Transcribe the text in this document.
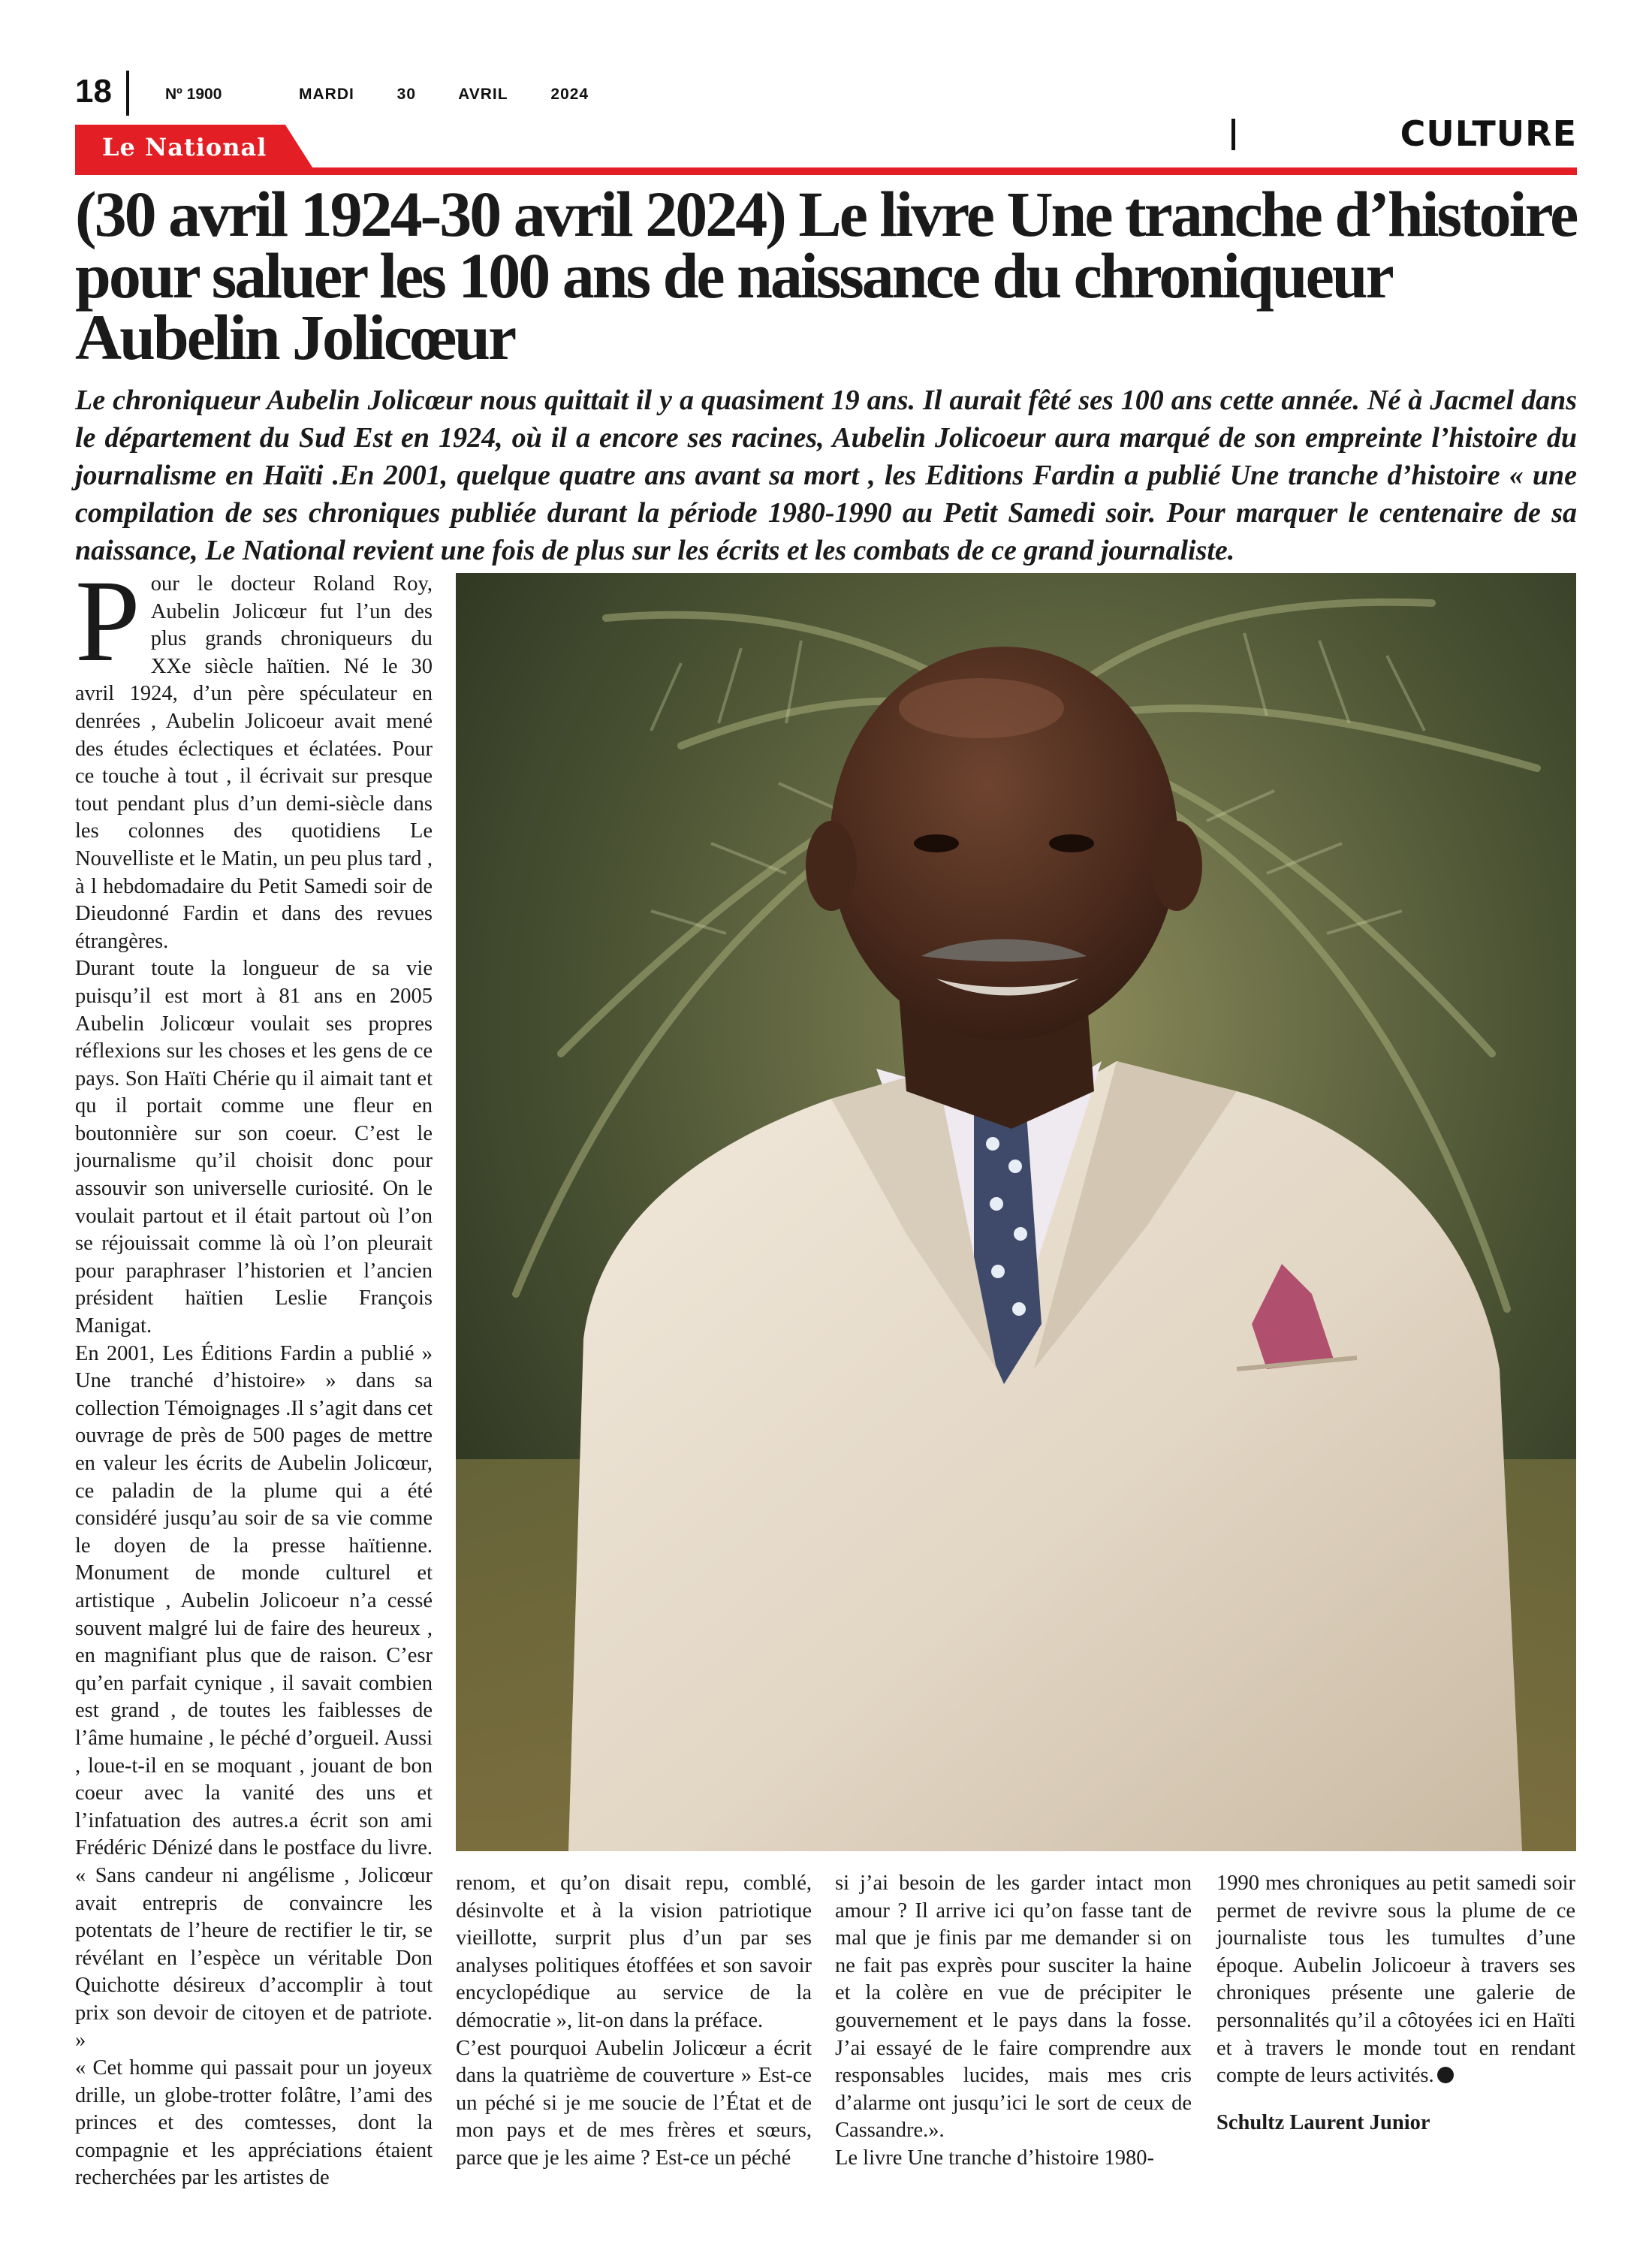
18	Nº 1900	MARDI	30	AVRIL	2024
Le National	CULTURE
(30 avril 1924-30 avril 2024) Le livre Une tranche d’histoire pour saluer les 100 ans de naissance du chroniqueur Aubelin Jolicœur

Le chroniqueur Aubelin Jolicœur nous quittait il y a quasiment 19 ans. Il aurait fêté ses 100 ans cette année. Né à Jacmel dans le département du Sud Est en 1924, où il a encore ses racines, Aubelin Jolicoeur aura marqué de son empreinte l’histoire du journalisme en Haïti .En 2001, quelque quatre ans avant sa mort , les Editions Fardin a publié Une tranche d’histoire « une compilation de ses chroniques publiée durant la période 1980-1990 au Petit Samedi soir. Pour marquer le centenaire de sa naissance, Le National revient une fois de plus sur les écrits et les combats de ce grand journaliste.

Pour le docteur Roland Roy, Aubelin Jolicœur fut l’un des plus grands chroniqueurs du XXe siècle haïtien. Né le 30 avril 1924, d’un père spéculateur en denrées , Aubelin Jolicoeur avait mené des études éclectiques et éclatées. Pour ce touche à tout , il écrivait sur presque tout pendant plus d’un demi-siècle dans les colonnes des quotidiens Le Nouvelliste et le Matin, un peu plus tard , à l hebdomadaire du Petit Samedi soir de Dieudonné Fardin et dans des revues étrangères.

Durant toute la longueur de sa vie puisqu’il est mort à 81 ans en 2005 Aubelin Jolicœur voulait ses propres réflexions sur les choses et les gens de ce pays. Son Haïti Chérie qu il aimait tant et qu il portait comme une fleur en boutonnière sur son coeur. C’est le journalisme qu’il choisit donc pour assouvir son universelle curiosité. On le voulait partout et il était partout où l’on se réjouissait comme là où l’on pleurait pour paraphraser l’historien et l’ancien président haïtien Leslie François Manigat.

En 2001, Les Éditions Fardin a publié » Une tranché d’histoire» » dans sa collection Témoignages .Il s’agit dans cet ouvrage de près de 500 pages de mettre en valeur les écrits de Aubelin Jolicœur, ce paladin de la plume qui a été considéré jusqu’au soir de sa vie comme le doyen de la presse haïtienne. Monument de monde culturel et artistique , Aubelin Jolicoeur n’a cessé souvent malgré lui de faire des heureux , en magnifiant plus que de raison. C’esr qu’en parfait cynique , il savait combien est grand , de toutes les faiblesses de l’âme humaine , le péché d’orgueil. Aussi , loue-t-il en se moquant , jouant de bon coeur avec la vanité des uns et l’infatuation des autres.a écrit son ami Frédéric Dénizé dans le postface du livre. « Sans candeur ni angélisme , Jolicœur avait entrepris de convaincre les potentats de l’heure de rectifier le tir, se révélant en l’espèce un véritable Don Quichotte désireux d’accomplir à tout prix son devoir de citoyen et de patriote. »

« Cet homme qui passait pour un joyeux drille, un globe-trotter folâtre, l’ami des princes et des comtesses, dont la compagnie et les appréciations étaient recherchées par les artistes de

renom, et qu’on disait repu, comblé, désinvolte et à la vision patriotique vieillotte, surprit plus d’un par ses analyses politiques étoffées et son savoir encyclopédique au service de la démocratie », lit-on dans la préface.

C’est pourquoi Aubelin Jolicœur a écrit dans la quatrième de couverture » Est-ce un péché si je me soucie de l’État et de mon pays et de mes frères et sœurs, parce que je les aime ? Est-ce un péché

si j’ai besoin de les garder intact mon amour ? Il arrive ici qu’on fasse tant de mal que je finis par me demander si on ne fait pas exprès pour susciter la haine et la colère en vue de précipiter le gouvernement et le pays dans la fosse. J’ai essayé de le faire comprendre aux responsables lucides, mais mes cris d’alarme ont jusqu’ici le sort de ceux de Cassandre.».

Le livre Une tranche d’histoire 1980-

1990 mes chroniques au petit samedi soir permet de revivre sous la plume de ce journaliste tous les tumultes d’une époque. Aubelin Jolicoeur à travers ses chroniques présente une galerie de personnalités qu’il a côtoyées ici en Haïti et à travers le monde tout en rendant compte de leurs activités.

Schultz Laurent Junior
